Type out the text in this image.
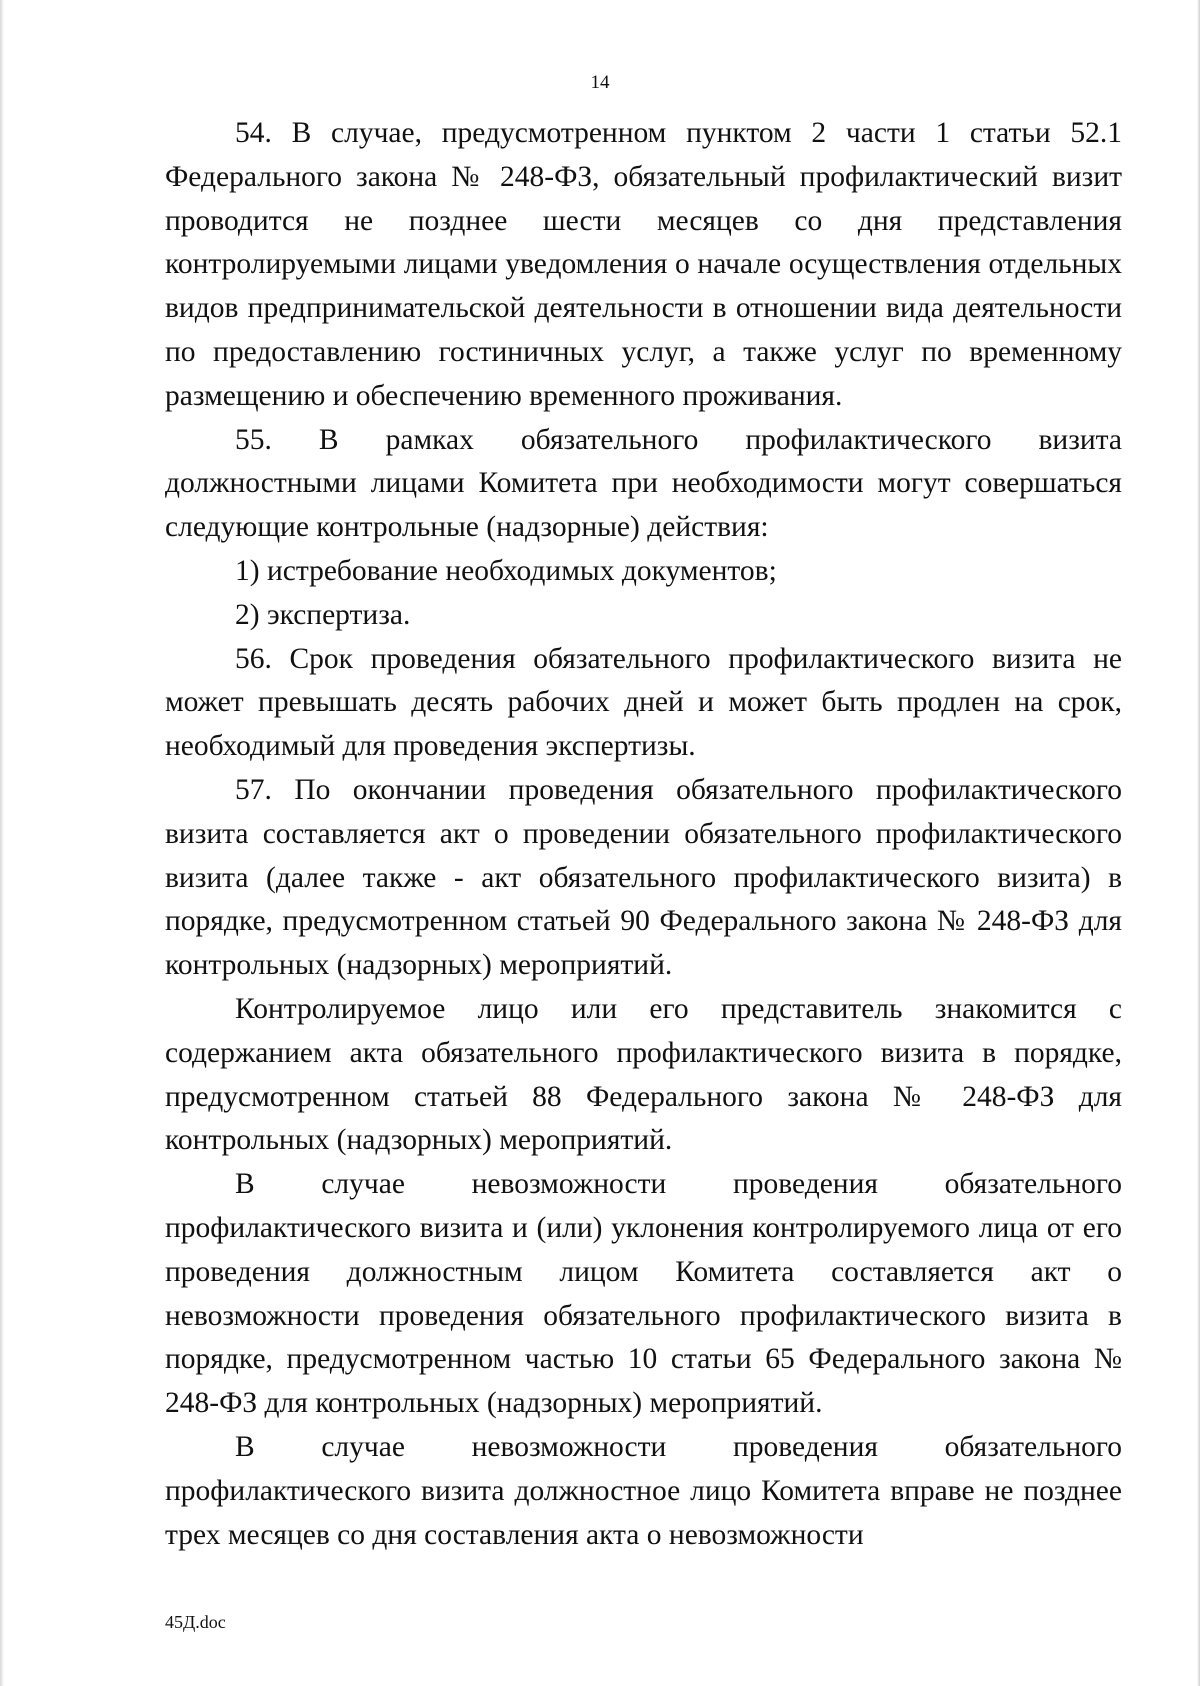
14

54. В случае, предусмотренном пунктом 2 части 1 статьи 52.1 Федерального закона № 248-ФЗ, обязательный профилактический визит проводится не позднее шести месяцев со дня представления контролируемыми лицами уведомления о начале осуществления отдельных видов предпринимательской деятельности в отношении вида деятельности по предоставлению гостиничных услуг, а также услуг по временному размещению и обеспечению временного проживания.

55. В рамках обязательного профилактического визита должностными лицами Комитета при необходимости могут совершаться следующие контрольные (надзорные) действия:

1) истребование необходимых документов;

2) экспертиза.

56. Срок проведения обязательного профилактического визита не может превышать десять рабочих дней и может быть продлен на срок, необходимый для проведения экспертизы.

57. По окончании проведения обязательного профилактического визита составляется акт о проведении обязательного профилактического визита (далее также - акт обязательного профилактического визита) в порядке, предусмотренном статьей 90 Федерального закона № 248-ФЗ для контрольных (надзорных) мероприятий.

Контролируемое лицо или его представитель знакомится с содержанием акта обязательного профилактического визита в порядке, предусмотренном статьей 88 Федерального закона № 248-ФЗ для контрольных (надзорных) мероприятий.

В случае невозможности проведения обязательного профилактического визита и (или) уклонения контролируемого лица от его проведения должностным лицом Комитета составляется акт о невозможности проведения обязательного профилактического визита в порядке, предусмотренном частью 10 статьи 65 Федерального закона № 248-ФЗ для контрольных (надзорных) мероприятий.

В случае невозможности проведения обязательного профилактического визита должностное лицо Комитета вправе не позднее трех месяцев со дня составления акта о невозможности

45Д.doc
